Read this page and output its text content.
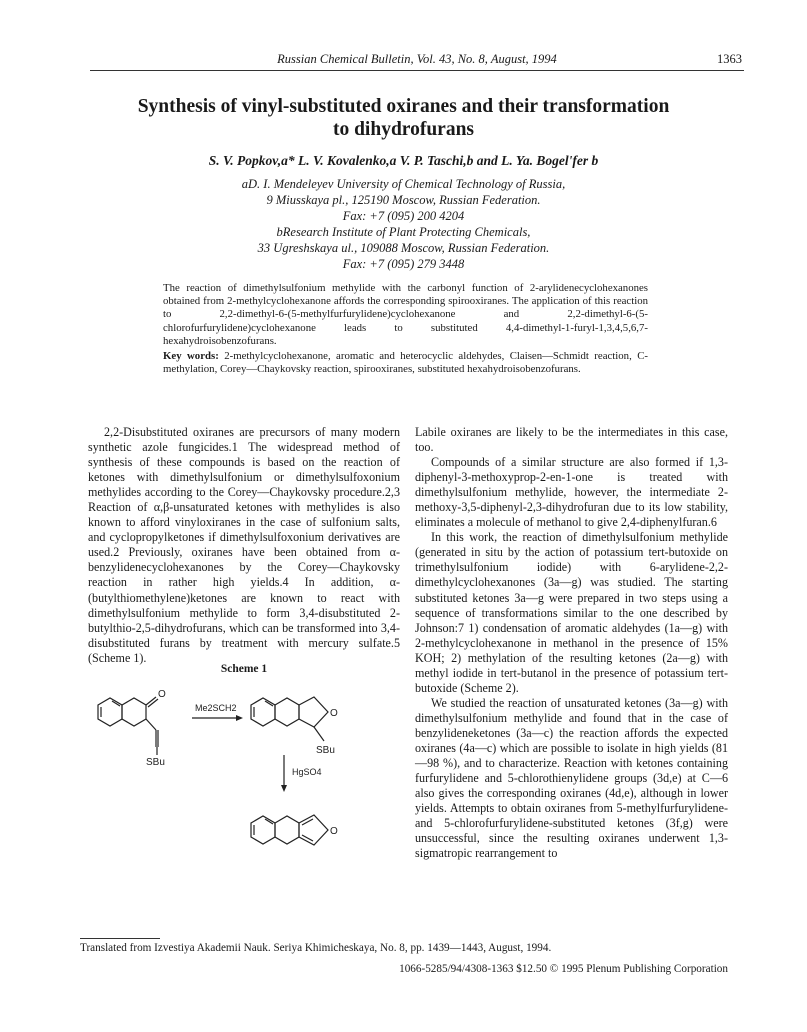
Russian Chemical Bulletin, Vol. 43, No. 8, August, 1994	1363
Synthesis of vinyl-substituted oxiranes and their transformation
to dihydrofurans
S. V. Popkov,a* L. V. Kovalenko,a V. P. Taschi,b and L. Ya. Bogel'fer b
aD. I. Mendeleyev University of Chemical Technology of Russia,
9 Miusskaya pl., 125190 Moscow, Russian Federation.
Fax: +7 (095) 200 4204
bResearch Institute of Plant Protecting Chemicals,
33 Ugreshskaya ul., 109088 Moscow, Russian Federation.
Fax: +7 (095) 279 3448
The reaction of dimethylsulfonium methylide with the carbonyl function of 2-arylidenecyclohexanones obtained from 2-methylcyclohexanone affords the corresponding spirooxiranes. The application of this reaction to 2,2-dimethyl-6-(5-methylfurfurylidene)cyclohexanone and 2,2-dimethyl-6-(5-chlorofurfurylidene)cyclohexanone leads to substituted 4,4-dimethyl-1-furyl-1,3,4,5,6,7-hexahydroisobenzofurans.
Key words: 2-methylcyclohexanone, aromatic and heterocyclic aldehydes, Claisen—Schmidt reaction, C-methylation, Corey—Chaykovsky reaction, spirooxiranes, substituted hexahydroisobenzofurans.

2,2-Disubstituted oxiranes are precursors of many modern synthetic azole fungicides.1 The widespread method of synthesis of these compounds is based on the reaction of ketones with dimethylsulfonium or dimethylsulfoxonium methylides according to the Corey—Chaykovsky procedure.2,3 Reaction of α,β-unsaturated ketones with methylides is also known to afford vinyloxiranes in the case of sulfonium salts, and cyclopropylketones if dimethylsulfoxonium derivatives are used.2 Previously, oxiranes have been obtained from α-benzylidenecyclohexanones by the Corey—Chaykovsky reaction in rather high yields.4 In addition, α-(butylthiomethylene)ketones are known to react with dimethylsulfonium methylide to form 3,4-disubstituted 2-butylthio-2,5-dihydrofurans, which can be transformed into 3,4-disubstituted furans by treatment with mercury sulfate.5 (Scheme 1).

Scheme 1
O
SBu
Me2SCH2	O
SBu
HgSO4
O

Labile oxiranes are likely to be the intermediates in this case, too.

Compounds of a similar structure are also formed if 1,3-diphenyl-3-methoxyprop-2-en-1-one is treated with dimethylsulfonium methylide, however, the intermediate 2-methoxy-3,5-diphenyl-2,3-dihydrofuran due to its low stability, eliminates a molecule of methanol to give 2,4-diphenylfuran.6

In this work, the reaction of dimethylsulfonium methylide (generated in situ by the action of potassium tert-butoxide on trimethylsulfonium iodide) with 6-arylidene-2,2-dimethylcyclohexanones (3a—g) was studied. The starting substituted ketones 3a—g were prepared in two steps using a sequence of transformations similar to the one described by Johnson:7 1) condensation of aromatic aldehydes (1a—g) with 2-methylcyclohexanone in methanol in the presence of 15% KOH; 2) methylation of the resulting ketones (2a—g) with methyl iodide in tert-butanol in the presence of potassium tert-butoxide (Scheme 2).

We studied the reaction of unsaturated ketones (3a—g) with dimethylsulfonium methylide and found that in the case of benzylideneketones (3a—c) the reaction affords the expected oxiranes (4a—c) which are possible to isolate in high yields (81—98 %), and to characterize. Reaction with ketones containing furfurylidene and 5-chlorothienylidene groups (3d,e) at C—6 also gives the corresponding oxiranes (4d,e), although in lower yields. Attempts to obtain oxiranes from 5-methylfurfurylidene- and 5-chlorofurfurylidene-substituted ketones (3f,g) were unsuccessful, since the resulting oxiranes underwent 1,3-sigmatropic rearrangement to

Translated from Izvestiya Akademii Nauk. Seriya Khimicheskaya, No. 8, pp. 1439—1443, August, 1994.
1066-5285/94/4308-1363 $12.50 © 1995 Plenum Publishing Corporation
